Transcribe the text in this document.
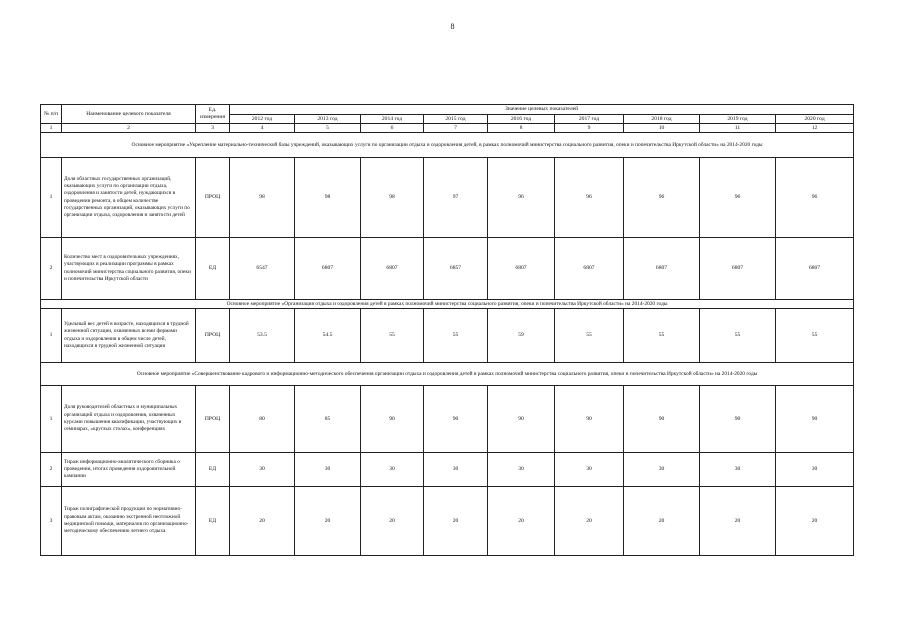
8
№ п/п	Наименование целевого показателя	Ед. измерения	Значение целевых показателей								
			2012 год	2013 год	2014 год	2015 год	2016 год	2017 год	2018 год	2019 год	2020 год
1	2	3	4	5	6	7	8	9	10	11	12
Основное мероприятие «Укрепление материально-технической базы учреждений, оказывающих услуги по организации отдыха и оздоровления детей, в рамках полномочий министерства социального развития, опеки и попечительства Иркутской области» на 2014-2020 годы											
1	Доля областных государственных организаций, оказывающих услуги по организации отдыха, оздоровления и занятости детей, нуждающихся в проведении ремонта, в общем количестве государственных организаций, оказывающих услуги по организации отдыха, оздоровления и занятости детей	ПРОЦ	98	98	98	97	96	96	96	96	96
2	Количество мест в оздоровительных учреждениях, участвующих в реализации программы в рамках полномочий министерства социального развития, опеки и попечительства Иркутской области	ЕД	6547	6807	6807	6857	6807	6807	6807	6807	6807
Основное мероприятие «Организация отдыха и оздоровления детей в рамках полномочий министерства социального развития, опеки и попечительства Иркутской области» на 2014-2020 годы											
1	Удельный вес детей в возрасте, находящихся в трудной жизненной ситуации, охваченных всеми формами отдыха и оздоровления в общем числе детей, находящихся в трудной жизненной ситуации	ПРОЦ	53.5	54.5	55	55	59	55	55	55	55
Основное мероприятие «Совершенствование кадрового и информационно-методического обеспечения организации отдыха и оздоровления детей в рамках полномочий министерства социального развития, опеки и попечительства Иркутской области» на 2014-2020 годы											
1	Доля руководителей областных и муниципальных организаций отдыха и оздоровления, охваченных курсами повышения квалификации, участвующих в семинарах, «круглых столах», конференциях	ПРОЦ	80	85	90	90	90	90	90	90	90
2	Тираж информационно-аналитического сборника о проведении, итогах проведения оздоровительной кампании	ЕД	30	30	30	30	30	30	30	30	30
3	Тираж полиграфической продукции по нормативно-правовым актам, оказанию экстренной неотложной медицинской помощи, материалов по организационно-методическому обеспечению летнего отдыха	ЕД	20	20	20	20	20	20	20	20	20
